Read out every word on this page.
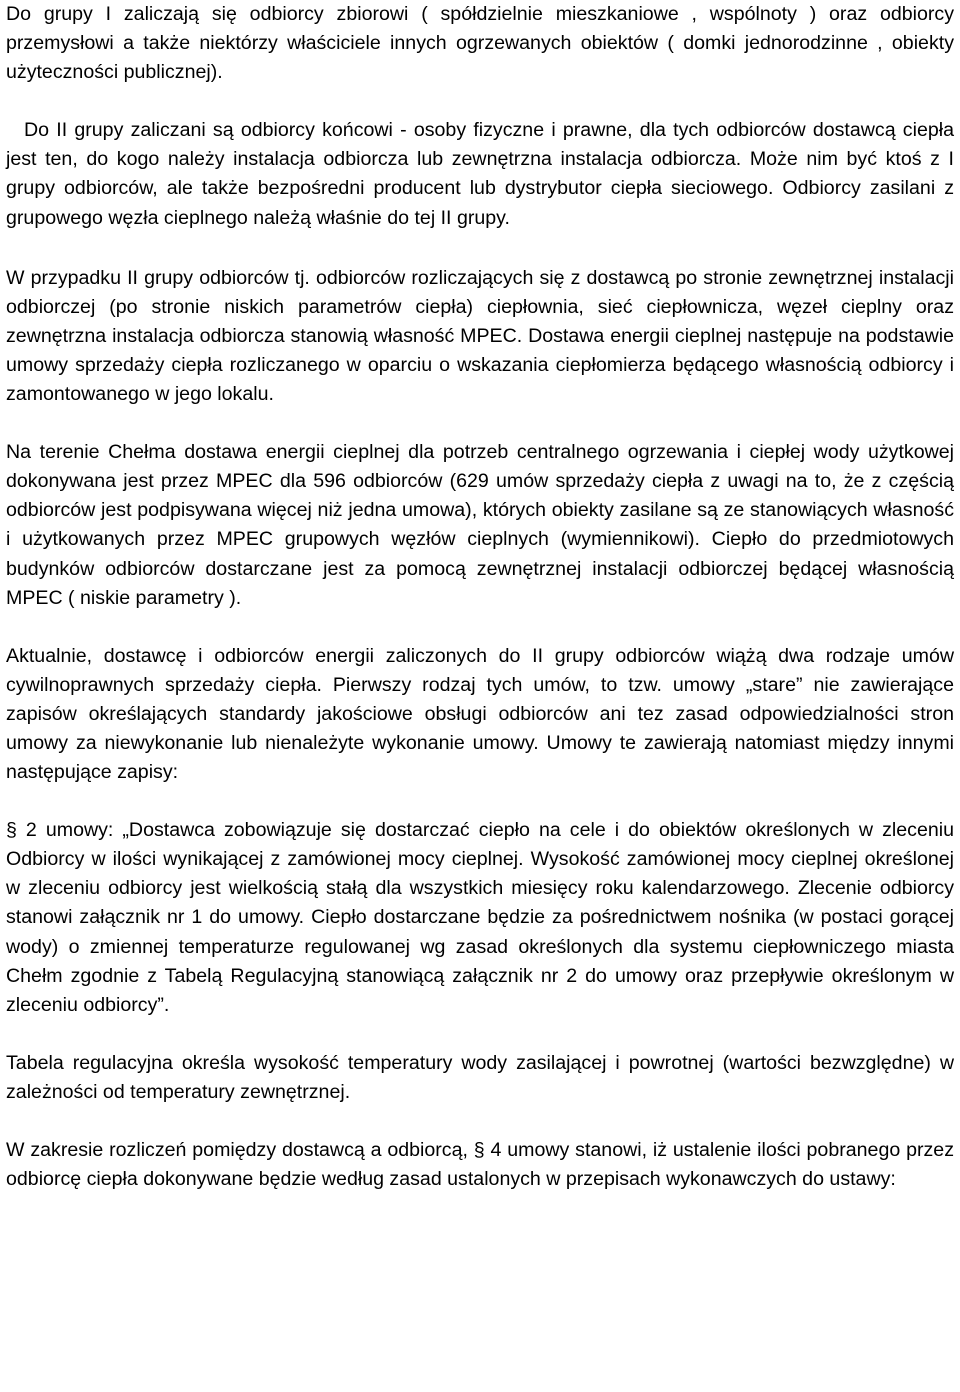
Do grupy I zaliczają się odbiorcy zbiorowi ( spółdzielnie mieszkaniowe , wspólnoty ) oraz odbiorcy przemysłowi a także niektórzy właściciele innych ogrzewanych obiektów ( domki jednorodzinne , obiekty użyteczności publicznej).

Do II grupy zaliczani są odbiorcy końcowi - osoby fizyczne i prawne, dla tych odbiorców dostawcą ciepła jest ten, do kogo należy instalacja odbiorcza lub zewnętrzna instalacja odbiorcza. Może nim być ktoś z I grupy odbiorców, ale także bezpośredni producent lub dystrybutor ciepła sieciowego. Odbiorcy zasilani z grupowego węzła cieplnego należą właśnie do tej II grupy.

W przypadku II grupy odbiorców tj. odbiorców rozliczających się z dostawcą po stronie zewnętrznej instalacji odbiorczej (po stronie niskich parametrów ciepła) ciepłownia, sieć ciepłownicza, węzeł cieplny oraz zewnętrzna instalacja odbiorcza stanowią własność MPEC. Dostawa energii cieplnej następuje na podstawie umowy sprzedaży ciepła rozliczanego w oparciu o wskazania ciepłomierza będącego własnością odbiorcy i zamontowanego w jego lokalu.

Na terenie Chełma dostawa energii cieplnej dla potrzeb centralnego ogrzewania i ciepłej wody użytkowej dokonywana jest przez MPEC dla 596 odbiorców (629 umów sprzedaży ciepła z uwagi na to, że z częścią odbiorców jest podpisywana więcej niż jedna umowa), których obiekty zasilane są ze stanowiących własność i użytkowanych przez MPEC grupowych węzłów cieplnych (wymiennikowi). Ciepło do przedmiotowych budynków odbiorców dostarczane jest za pomocą zewnętrznej instalacji odbiorczej będącej własnością MPEC ( niskie parametry ).

Aktualnie, dostawcę i odbiorców energii zaliczonych do II grupy odbiorców wiążą dwa rodzaje umów cywilnoprawnych sprzedaży ciepła. Pierwszy rodzaj tych umów, to tzw. umowy „stare” nie zawierające zapisów określających standardy jakościowe obsługi odbiorców ani tez zasad odpowiedzialności stron umowy za niewykonanie lub nienależyte wykonanie umowy. Umowy te zawierają natomiast między innymi następujące zapisy:

§ 2 umowy: „Dostawca zobowiązuje się dostarczać ciepło na cele i do obiektów określonych w zleceniu Odbiorcy w ilości wynikającej z zamówionej mocy cieplnej. Wysokość zamówionej mocy cieplnej określonej w zleceniu odbiorcy jest wielkością stałą dla wszystkich miesięcy roku kalendarzowego. Zlecenie odbiorcy stanowi załącznik nr 1 do umowy. Ciepło dostarczane będzie za pośrednictwem nośnika (w postaci gorącej wody) o zmiennej temperaturze regulowanej wg zasad określonych dla systemu ciepłowniczego miasta Chełm zgodnie z Tabelą Regulacyjną stanowiącą załącznik nr 2 do umowy oraz przepływie określonym w zleceniu odbiorcy”.

Tabela regulacyjna określa wysokość temperatury wody zasilającej i powrotnej (wartości bezwzględne) w zależności od temperatury zewnętrznej.

W zakresie rozliczeń pomiędzy dostawcą a odbiorcą, § 4 umowy stanowi, iż ustalenie ilości pobranego przez odbiorcę ciepła dokonywane będzie według zasad ustalonych w przepisach wykonawczych do ustawy:
